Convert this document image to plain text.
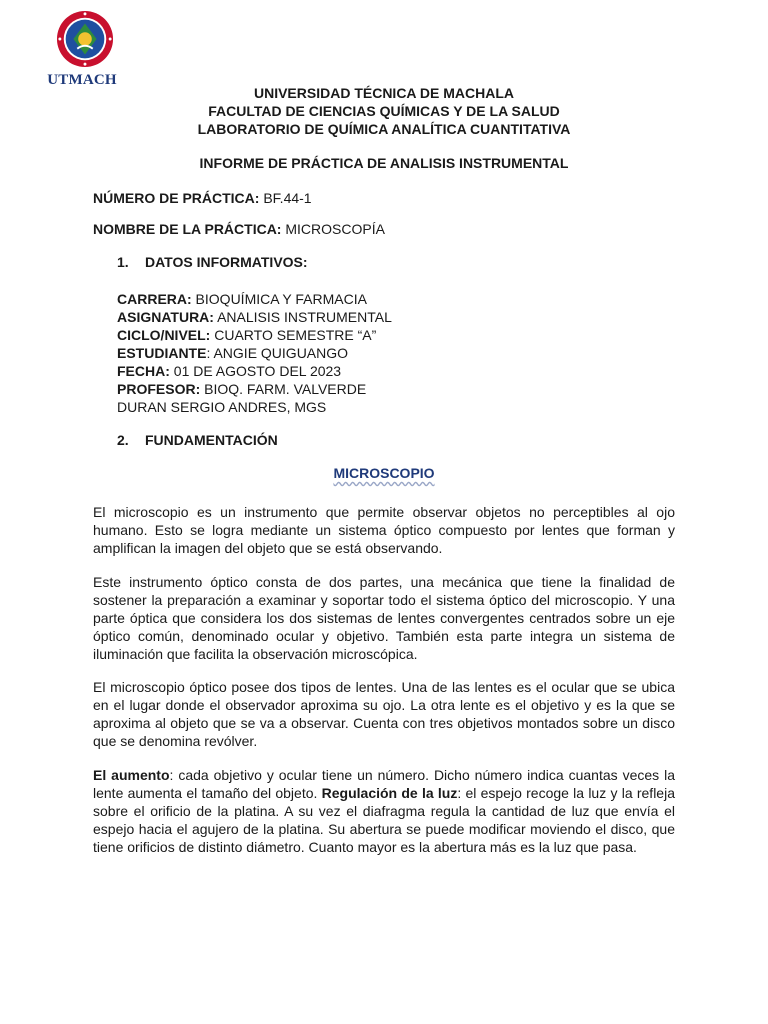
UTMACH

UNIVERSIDAD TÉCNICA DE MACHALA

FACULTAD DE CIENCIAS QUÍMICAS Y DE LA SALUD

LABORATORIO DE QUÍMICA ANALÍTICA CUANTITATIVA

INFORME DE PRÁCTICA DE ANALISIS INSTRUMENTAL
NÚMERO DE PRÁCTICA: BF.44-1
NOMBRE DE LA PRÁCTICA: MICROSCOPÍA
1. DATOS INFORMATIVOS:
CARRERA: BIOQUÍMICA Y FARMACIA
ASIGNATURA: ANALISIS INSTRUMENTAL
CICLO/NIVEL: CUARTO SEMESTRE “A”
ESTUDIANTE: ANGIE QUIGUANGO
FECHA: 01 DE AGOSTO DEL 2023
PROFESOR: BIOQ. FARM. VALVERDE
DURAN SERGIO ANDRES, MGS
2. FUNDAMENTACIÓN
MICROSCOPIO

El microscopio es un instrumento que permite observar objetos no perceptibles al ojo humano. Esto se logra mediante un sistema óptico compuesto por lentes que forman y amplifican la imagen del objeto que se está observando.

Este instrumento óptico consta de dos partes, una mecánica que tiene la finalidad de sostener la preparación a examinar y soportar todo el sistema óptico del microscopio. Y una parte óptica que considera los dos sistemas de lentes convergentes centrados sobre un eje óptico común, denominado ocular y objetivo. También esta parte integra un sistema de iluminación que facilita la observación microscópica.

El microscopio óptico posee dos tipos de lentes. Una de las lentes es el ocular que se ubica en el lugar donde el observador aproxima su ojo. La otra lente es el objetivo y es la que se aproxima al objeto que se va a observar. Cuenta con tres objetivos montados sobre un disco que se denomina revólver.

El aumento: cada objetivo y ocular tiene un número. Dicho número indica cuantas veces la lente aumenta el tamaño del objeto. Regulación de la luz: el espejo recoge la luz y la refleja sobre el orificio de la platina. A su vez el diafragma regula la cantidad de luz que envía el espejo hacia el agujero de la platina. Su abertura se puede modificar moviendo el disco, que tiene orificios de distinto diámetro. Cuanto mayor es la abertura más es la luz que pasa.
